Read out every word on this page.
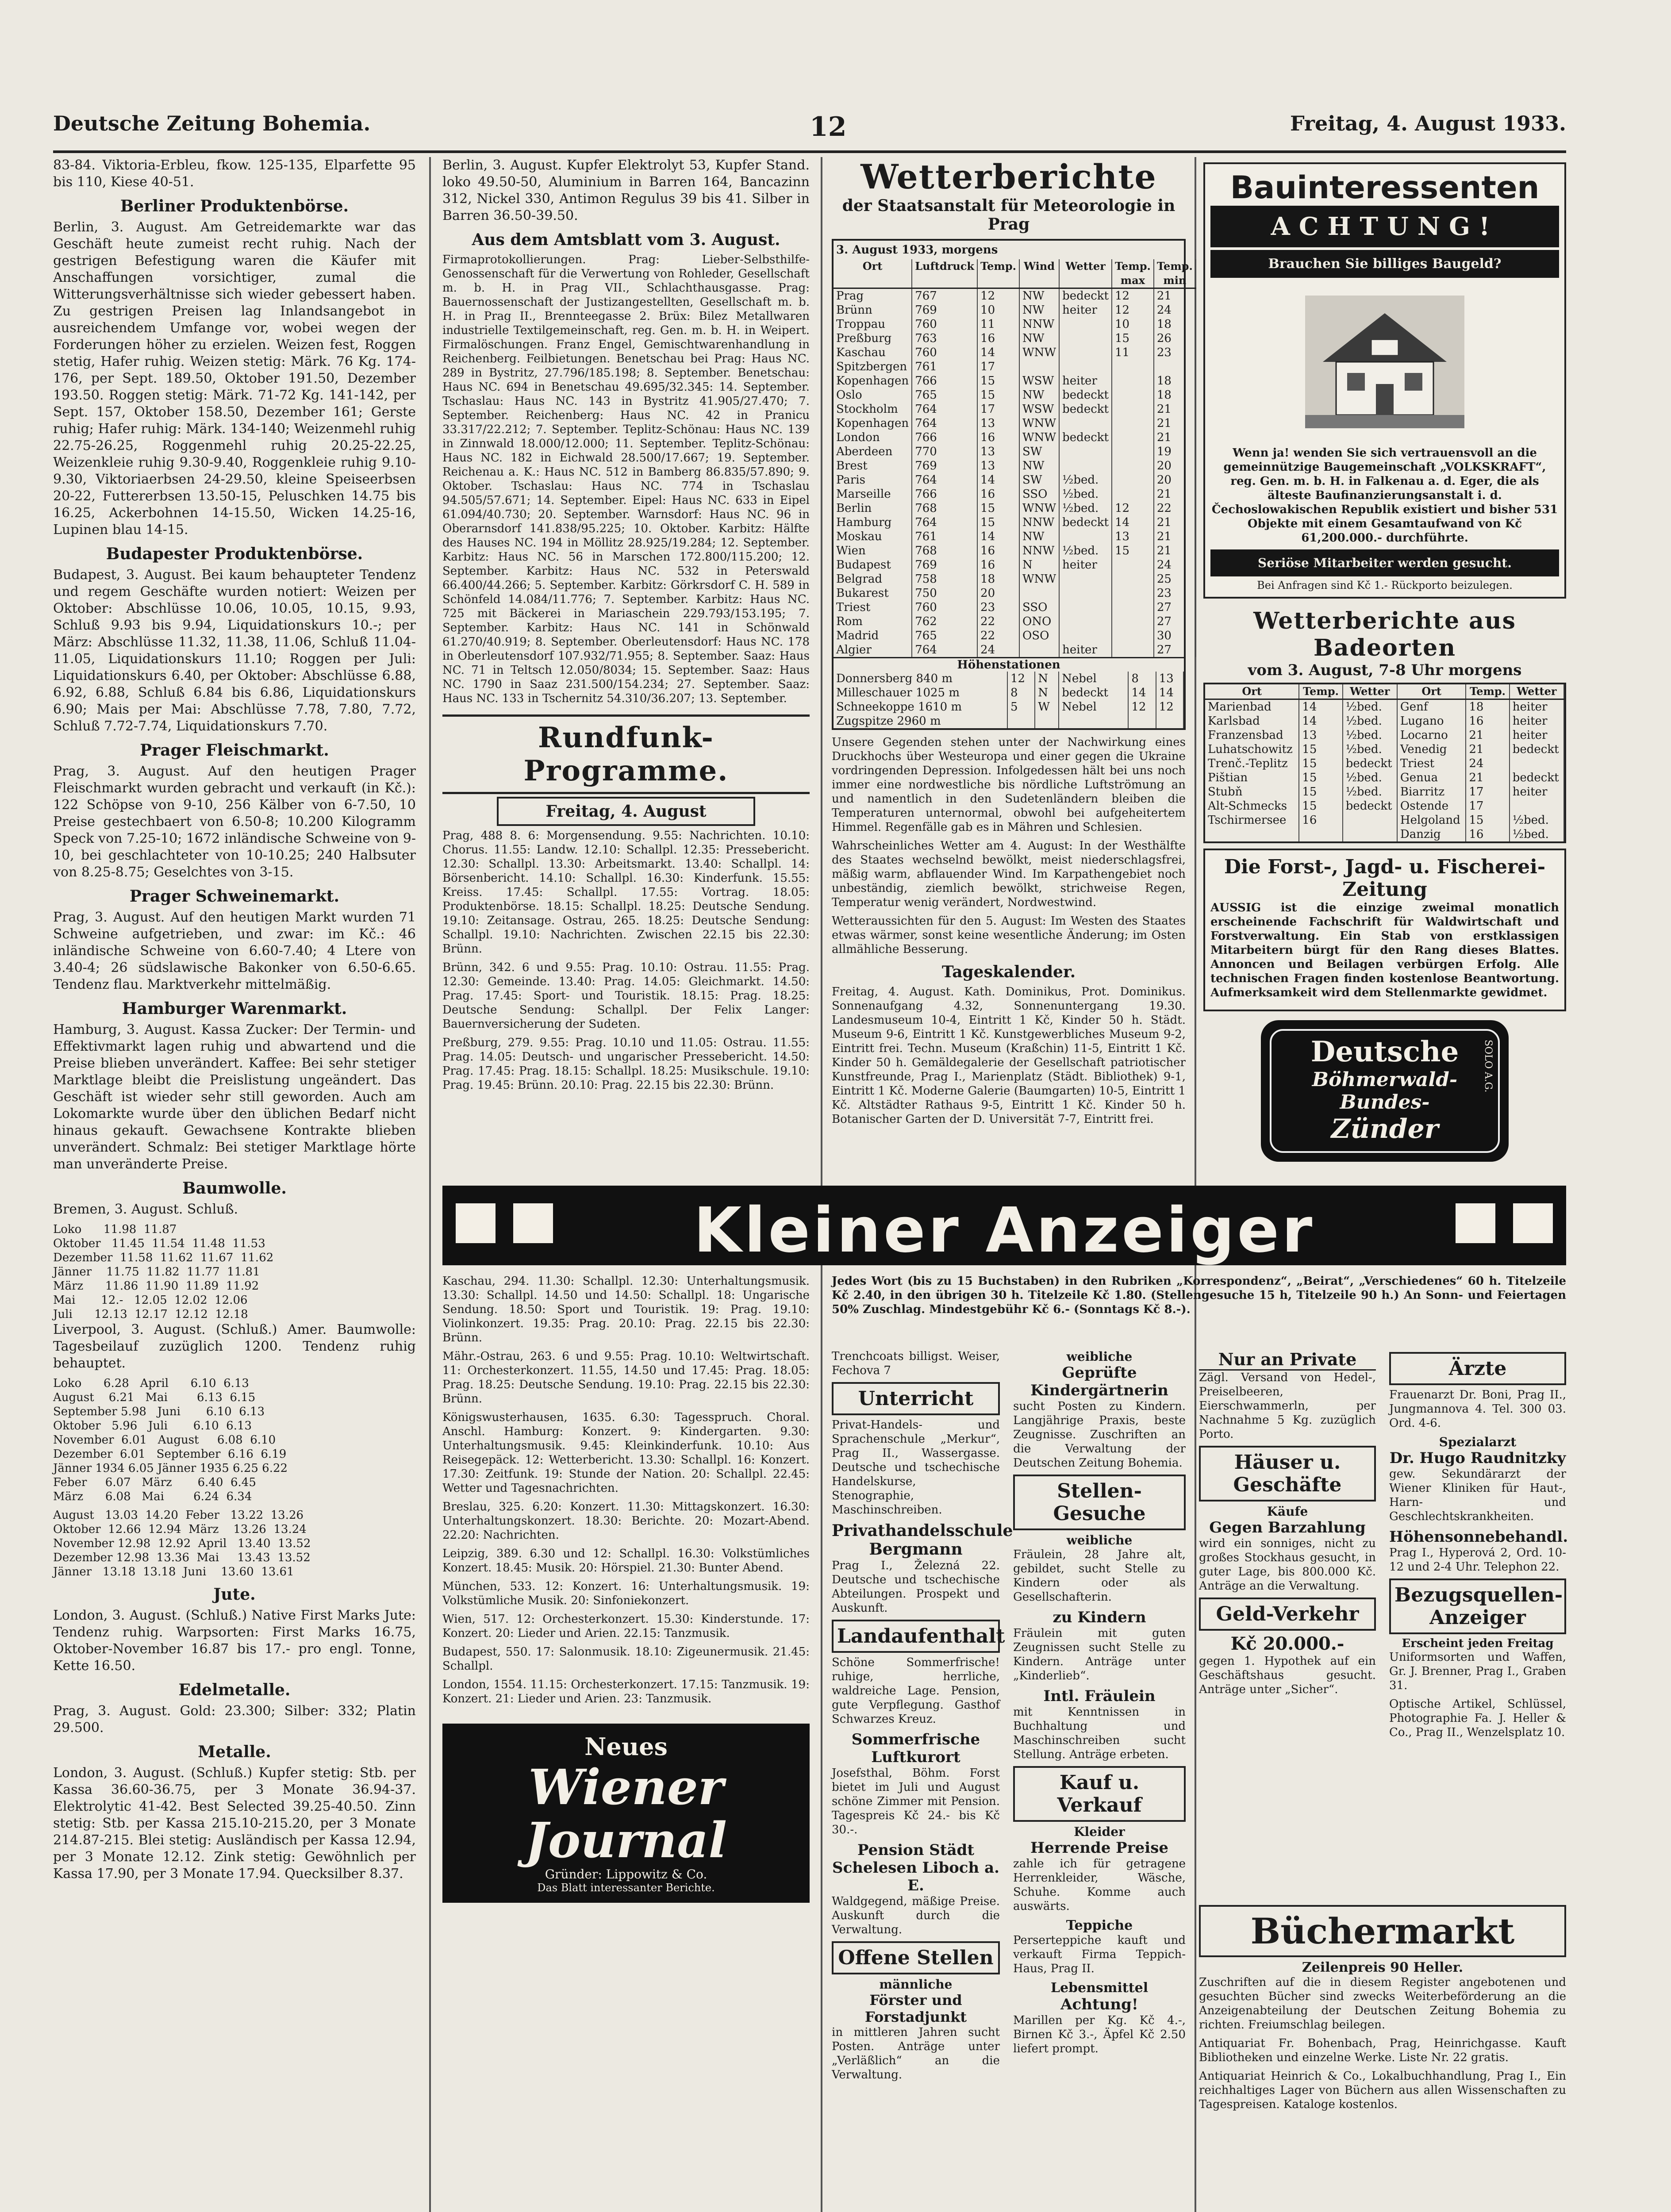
Deutsche Zeitung Bohemia.	12	Freitag, 4. August 1933.

83-84. Viktoria-Erbleu, fkow. 125-135, Elparfette 95 bis 110, Kiese 40-51.

Berliner Produktenbörse.

Berlin, 3. August. Am Getreidemarkte war das Geschäft heute zumeist recht ruhig. Nach der gestrigen Befestigung waren die Käufer mit Anschaffungen vorsichtiger, zumal die Witterungsverhältnisse sich wieder gebessert haben. Zu gestrigen Preisen lag Inlandsangebot in ausreichendem Umfange vor, wobei wegen der Forderungen höher zu erzielen. Weizen fest, Roggen stetig, Hafer ruhig. Weizen stetig: Märk. 76 Kg. 174-176, per Sept. 189.50, Oktober 191.50, Dezember 193.50. Roggen stetig: Märk. 71-72 Kg. 141-142, per Sept. 157, Oktober 158.50, Dezember 161; Gerste ruhig; Hafer ruhig: Märk. 134-140; Weizenmehl ruhig 22.75-26.25, Roggenmehl ruhig 20.25-22.25, Weizenkleie ruhig 9.30-9.40, Roggenkleie ruhig 9.10-9.30, Viktoriaerbsen 24-29.50, kleine Speiseerbsen 20-22, Futtererbsen 13.50-15, Peluschken 14.75 bis 16.25, Ackerbohnen 14-15.50, Wicken 14.25-16, Lupinen blau 14-15.

Budapester Produktenbörse.

Budapest, 3. August. Bei kaum behaupteter Tendenz und regem Geschäfte wurden notiert: Weizen per Oktober: Abschlüsse 10.06, 10.05, 10.15, 9.93, Schluß 9.93 bis 9.94, Liquidationskurs 10.-; per März: Abschlüsse 11.32, 11.38, 11.06, Schluß 11.04-11.05, Liquidationskurs 11.10; Roggen per Juli: Liquidationskurs 6.40, per Oktober: Abschlüsse 6.88, 6.92, 6.88, Schluß 6.84 bis 6.86, Liquidationskurs 6.90; Mais per Mai: Abschlüsse 7.78, 7.80, 7.72, Schluß 7.72-7.74, Liquidationskurs 7.70.

Prager Fleischmarkt.

Prag, 3. August. Auf den heutigen Prager Fleischmarkt wurden gebracht und verkauft (in Kč.): 122 Schöpse von 9-10, 256 Kälber von 6-7.50, 10 Preise gestechbaert von 6.50-8; 10.200 Kilogramm Speck von 7.25-10; 1672 inländische Schweine von 9-10, bei geschlachteter von 10-10.25; 240 Halbsuter von 8.25-8.75; Geselchtes von 3-15.

Prager Schweinemarkt.

Prag, 3. August. Auf den heutigen Markt wurden 71 Schweine aufgetrieben, und zwar: im Kč.: 46 inländische Schweine von 6.60-7.40; 4 Ltere von 3.40-4; 26 südslawische Bakonker von 6.50-6.65. Tendenz flau. Marktverkehr mittelmäßig.

Hamburger Warenmarkt.

Hamburg, 3. August. Kassa Zucker: Der Termin- und Effektivmarkt lagen ruhig und abwartend und die Preise blieben unverändert. Kaffee: Bei sehr stetiger Marktlage bleibt die Preislistung ungeändert. Das Geschäft ist wieder sehr still geworden. Auch am Lokomarkte wurde über den üblichen Bedarf nicht hinaus gekauft. Gewachsene Kontrakte blieben unverändert. Schmalz: Bei stetiger Marktlage hörte man unveränderte Preise.

Baumwolle.

Bremen, 3. August. Schluß.

Loko      11.98  11.87
Oktober   11.45  11.54  11.48  11.53
Dezember  11.58  11.62  11.67  11.62
Jänner    11.75  11.82  11.77  11.81
März      11.86  11.90  11.89  11.92
Mai       12.-   12.05  12.02  12.06
Juli      12.13  12.17  12.12  12.18

Liverpool, 3. August. (Schluß.) Amer. Baumwolle: Tagesbeilauf zuzüglich 1200. Tendenz ruhig behauptet.

Loko      6.28   April      6.10  6.13
August    6.21   Mai        6.13  6.15
September 5.98   Juni       6.10  6.13
Oktober   5.96   Juli       6.10  6.13
November  6.01   August     6.08  6.10
Dezember  6.01   September  6.16  6.19
Jänner 1934 6.05 Jänner 1935 6.25 6.22
Feber     6.07   März       6.40  6.45
März      6.08   Mai        6.24  6.34
August   13.03  14.20  Feber   13.22  13.26
Oktober  12.66  12.94  März    13.26  13.24
November 12.98  12.92  April   13.40  13.52
Dezember 12.98  13.36  Mai     13.43  13.52
Jänner   13.18  13.18  Juni    13.60  13.61
Jute.

London, 3. August. (Schluß.) Native First Marks Jute: Tendenz ruhig. Warpsorten: First Marks 16.75, Oktober-November 16.87 bis 17.- pro engl. Tonne, Kette 16.50.

Edelmetalle.

Prag, 3. August. Gold: 23.300; Silber: 332; Platin 29.500.

Metalle.

London, 3. August. (Schluß.) Kupfer stetig: Stb. per Kassa 36.60-36.75, per 3 Monate 36.94-37. Elektrolytic 41-42. Best Selected 39.25-40.50. Zinn stetig: Stb. per Kassa 215.10-215.20, per 3 Monate 214.87-215. Blei stetig: Ausländisch per Kassa 12.94, per 3 Monate 12.12. Zink stetig: Gewöhnlich per Kassa 17.90, per 3 Monate 17.94. Quecksilber 8.37.

Berlin, 3. August. Kupfer Elektrolyt 53, Kupfer Stand. loko 49.50-50, Aluminium in Barren 164, Bancazinn 312, Nickel 330, Antimon Regulus 39 bis 41. Silber in Barren 36.50-39.50.

Aus dem Amtsblatt vom 3. August.

Firmaprotokollierungen. Prag: Lieber-Selbsthilfe-Genossenschaft für die Verwertung von Rohleder, Gesellschaft m. b. H. in Prag VII., Schlachthausgasse. Prag: Bauernossenschaft der Justizangestellten, Gesellschaft m. b. H. in Prag II., Brennteegasse 2. Brüx: Bilez Metallwaren industrielle Textilgemeinschaft, reg. Gen. m. b. H. in Weipert. Firmalöschungen. Franz Engel, Gemischtwarenhandlung in Reichenberg. Feilbietungen. Benetschau bei Prag: Haus NC. 289 in Bystritz, 27.796/185.198; 8. September. Benetschau: Haus NC. 694 in Benetschau 49.695/32.345: 14. September. Tschaslau: Haus NC. 143 in Bystritz 41.905/27.470; 7. September. Reichenberg: Haus NC. 42 in Pranicu 33.317/22.212; 7. September. Teplitz-Schönau: Haus NC. 139 in Zinnwald 18.000/12.000; 11. September. Teplitz-Schönau: Haus NC. 182 in Eichwald 28.500/17.667; 19. September. Reichenau a. K.: Haus NC. 512 in Bamberg 86.835/57.890; 9. Oktober. Tschaslau: Haus NC. 774 in Tschaslau 94.505/57.671; 14. September. Eipel: Haus NC. 633 in Eipel 61.094/40.730; 20. September. Warnsdorf: Haus NC. 96 in Oberarnsdorf 141.838/95.225; 10. Oktober. Karbitz: Hälfte des Hauses NC. 194 in Möllitz 28.925/19.284; 12. September. Karbitz: Haus NC. 56 in Marschen 172.800/115.200; 12. September. Karbitz: Haus NC. 532 in Peterswald 66.400/44.266; 5. September. Karbitz: Görkrsdorf C. H. 589 in Schönfeld 14.084/11.776; 7. September. Karbitz: Haus NC. 725 mit Bäckerei in Mariaschein 229.793/153.195; 7. September. Karbitz: Haus NC. 141 in Schönwald 61.270/40.919; 8. September. Oberleutensdorf: Haus NC. 178 in Oberleutensdorf 107.932/71.955; 8. September. Saaz: Haus NC. 71 in Teltsch 12.050/8034; 15. September. Saaz: Haus NC. 1790 in Saaz 231.500/154.234; 27. September. Saaz: Haus NC. 133 in Tschernitz 54.310/36.207; 13. September.

Rundfunk-Programme.
Freitag, 4. August

Prag, 488 8. 6: Morgensendung. 9.55: Nachrichten. 10.10: Chorus. 11.55: Landw. 12.10: Schallpl. 12.35: Pressebericht. 12.30: Schallpl. 13.30: Arbeitsmarkt. 13.40: Schallpl. 14: Börsenbericht. 14.10: Schallpl. 16.30: Kinderfunk. 15.55: Kreiss. 17.45: Schallpl. 17.55: Vortrag. 18.05: Produktenbörse. 18.15: Schallpl. 18.25: Deutsche Sendung. 19.10: Zeitansage. Ostrau, 265. 18.25: Deutsche Sendung: Schallpl. 19.10: Nachrichten. Zwischen 22.15 bis 22.30: Brünn.

Brünn, 342. 6 und 9.55: Prag. 10.10: Ostrau. 11.55: Prag. 12.30: Gemeinde. 13.40: Prag. 14.05: Gleichmarkt. 14.50: Prag. 17.45: Sport- und Touristik. 18.15: Prag. 18.25: Deutsche Sendung: Schallpl. Der Felix Langer: Bauernversicherung der Sudeten.

Preßburg, 279. 9.55: Prag. 10.10 und 11.05: Ostrau. 11.55: Prag. 14.05: Deutsch- und ungarischer Pressebericht. 14.50: Prag. 17.45: Prag. 18.15: Schallpl. 18.25: Musikschule. 19.10: Prag. 19.45: Brünn. 20.10: Prag. 22.15 bis 22.30: Brünn.

Wetterberichte
der Staatsanstalt für Meteorologie in Prag
3. August 1933, morgens
Ort	Luftdruck	Temp.	Wind	Wetter	Temp. max	Temp. min
Prag	767	12	NW	bedeckt	12	21
Brünn	769	10	NW	heiter	12	24
Troppau	760	11	NNW		10	18
Preßburg	763	16	NW		15	26
Kaschau	760	14	WNW		11	23
Spitzbergen	761	17				
Kopenhagen	766	15	WSW	heiter		18
Oslo	765	15	NW	bedeckt		18
Stockholm	764	17	WSW	bedeckt		21
Kopenhagen	764	13	WNW			21
London	766	16	WNW	bedeckt		21
Aberdeen	770	13	SW			19
Brest	769	13	NW			20
Paris	764	14	SW	½bed.		20
Marseille	766	16	SSO	½bed.		21
Berlin	768	15	WNW	½bed.	12	22
Hamburg	764	15	NNW	bedeckt	14	21
Moskau	761	14	NW		13	21
Wien	768	16	NNW	½bed.	15	21
Budapest	769	16	N	heiter		24
Belgrad	758	18	WNW			25
Bukarest	750	20				23
Triest	760	23	SSO			27
Rom	762	22	ONO			27
Madrid	765	22	OSO			30
Algier	764	24		heiter		27
Höhenstationen
Donnersberg 840 m	12	N	Nebel	8	13
Milleschauer 1025 m	8	N	bedeckt	14	14
Schneekoppe 1610 m	5	W	Nebel	12	12
Zugspitze 2960 m					

Unsere Gegenden stehen unter der Nachwirkung eines Druckhochs über Westeuropa und einer gegen die Ukraine vordringenden Depression. Infolgedessen hält bei uns noch immer eine nordwestliche bis nördliche Luftströmung an und namentlich in den Sudetenländern bleiben die Temperaturen unternormal, obwohl bei aufgeheitertem Himmel. Regenfälle gab es in Mähren und Schlesien.

Wahrscheinliches Wetter am 4. August: In der Westhälfte des Staates wechselnd bewölkt, meist niederschlagsfrei, mäßig warm, abflauender Wind. Im Karpathengebiet noch unbeständig, ziemlich bewölkt, strichweise Regen, Temperatur wenig verändert, Nordwestwind.

Wetteraussichten für den 5. August: Im Westen des Staates etwas wärmer, sonst keine wesentliche Änderung; im Osten allmähliche Besserung.

Tageskalender.

Freitag, 4. August. Kath. Dominikus, Prot. Dominikus. Sonnenaufgang 4.32, Sonnenuntergang 19.30. Landesmuseum 10-4, Eintritt 1 Kč, Kinder 50 h. Städt. Museum 9-6, Eintritt 1 Kč. Kunstgewerbliches Museum 9-2, Eintritt frei. Techn. Museum (Kraßchin) 11-5, Eintritt 1 Kč. Kinder 50 h. Gemäldegalerie der Gesellschaft patriotischer Kunstfreunde, Prag I., Marienplatz (Städt. Bibliothek) 9-1, Eintritt 1 Kč. Moderne Galerie (Baumgarten) 10-5, Eintritt 1 Kč. Altstädter Rathaus 9-5, Eintritt 1 Kč. Kinder 50 h. Botanischer Garten der D. Universität 7-7, Eintritt frei.

Bauinteressenten
ACHTUNG!
Brauchen Sie billiges Baugeld?

Wenn ja! wenden Sie sich vertrauensvoll an die gemeinnützige Baugemeinschaft „VOLKSKRAFT“, reg. Gen. m. b. H. in Falkenau a. d. Eger, die als älteste Baufinanzierungsanstalt i. d. Čechoslowakischen Republik existiert und bisher 531 Objekte mit einem Gesamtaufwand von Kč 61,200.000.- durchführte.

Seriöse Mitarbeiter werden gesucht.
Bei Anfragen sind Kč 1.- Rückporto beizulegen.
Wetterberichte aus Badeorten
vom 3. August, 7-8 Uhr morgens
Ort	Temp.	Wetter	Ort	Temp.	Wetter
Marienbad	14	½bed.	Genf	18	heiter
Karlsbad	14	½bed.	Lugano	16	heiter
Franzensbad	13	½bed.	Locarno	21	heiter
Luhatschowitz	15	½bed.	Venedig	21	bedeckt
Trenč.-Teplitz	15	bedeckt	Triest	24	
Pištian	15	½bed.	Genua	21	bedeckt
Stubň	15	½bed.	Biarritz	17	heiter
Alt-Schmecks	15	bedeckt	Ostende	17	
Tschirmersee	16		Helgoland	15	½bed.
			Danzig	16	½bed.
Die Forst-, Jagd- u. Fischerei-Zeitung

AUSSIG ist die einzige zweimal monatlich erscheinende Fachschrift für Waldwirtschaft und Forstverwaltung. Ein Stab von erstklassigen Mitarbeitern bürgt für den Rang dieses Blattes. Annoncen und Beilagen verbürgen Erfolg. Alle technischen Fragen finden kostenlose Beantwortung. Aufmerksamkeit wird dem Stellenmarkte gewidmet.

Deutsche
Böhmerwald-Bundes-
Zünder
SOLO A.G.
Kleiner Anzeiger

Kaschau, 294. 11.30: Schallpl. 12.30: Unterhaltungsmusik. 13.30: Schallpl. 14.50 und 14.50: Schallpl. 18: Ungarische Sendung. 18.50: Sport und Touristik. 19: Prag. 19.10: Violinkonzert. 19.35: Prag. 20.10: Prag. 22.15 bis 22.30: Brünn.

Mähr.-Ostrau, 263. 6 und 9.55: Prag. 10.10: Weltwirtschaft. 11: Orchesterkonzert. 11.55, 14.50 und 17.45: Prag. 18.05: Prag. 18.25: Deutsche Sendung. 19.10: Prag. 22.15 bis 22.30: Brünn.

Königswusterhausen, 1635. 6.30: Tagesspruch. Choral. Anschl. Hamburg: Konzert. 9: Kindergarten. 9.30: Unterhaltungsmusik. 9.45: Kleinkinderfunk. 10.10: Aus Reisegepäck. 12: Wetterbericht. 13.30: Schallpl. 16: Konzert. 17.30: Zeitfunk. 19: Stunde der Nation. 20: Schallpl. 22.45: Wetter und Tagesnachrichten.

Breslau, 325. 6.20: Konzert. 11.30: Mittagskonzert. 16.30: Unterhaltungskonzert. 18.30: Berichte. 20: Mozart-Abend. 22.20: Nachrichten.

Leipzig, 389. 6.30 und 12: Schallpl. 16.30: Volkstümliches Konzert. 18.45: Musik. 20: Hörspiel. 21.30: Bunter Abend.

München, 533. 12: Konzert. 16: Unterhaltungsmusik. 19: Volkstümliche Musik. 20: Sinfoniekonzert.

Wien, 517. 12: Orchesterkonzert. 15.30: Kinderstunde. 17: Konzert. 20: Lieder und Arien. 22.15: Tanzmusik.

Budapest, 550. 17: Salonmusik. 18.10: Zigeunermusik. 21.45: Schallpl.

London, 1554. 11.15: Orchesterkonzert. 17.15: Tanzmusik. 19: Konzert. 21: Lieder und Arien. 23: Tanzmusik.

Neues
Wiener Journal
Gründer: Lippowitz & Co.
Das Blatt interessanter Berichte.

Jedes Wort (bis zu 15 Buchstaben) in den Rubriken „Korrespondenz“, „Beirat“, „Verschiedenes“ 60 h. Titelzeile Kč 2.40, in den übrigen 30 h. Titelzeile Kč 1.80. (Stellengesuche 15 h, Titelzeile 90 h.) An Sonn- und Feiertagen 50% Zuschlag. Mindestgebühr Kč 6.- (Sonntags Kč 8.-).

Trenchcoats billigst. Weiser, Fechova 7

Unterricht

Privat-Handels- und Sprachenschule „Merkur“, Prag II., Wassergasse. Deutsche und tschechische Handelskurse, Stenographie, Maschinschreiben.

Privathandelsschule Bergmann

Prag I., Železná 22. Deutsche und tschechische Abteilungen. Prospekt und Auskunft.

Landaufenthalt

Schöne Sommerfrische! ruhige, herrliche, waldreiche Lage. Pension, gute Verpflegung. Gasthof Schwarzes Kreuz.

Sommerfrische Luftkurort

Josefsthal, Böhm. Forst bietet im Juli und August schöne Zimmer mit Pension. Tagespreis Kč 24.- bis Kč 30.-.

Pension Städt Schelesen Liboch a. E.

Waldgegend, mäßige Preise. Auskunft durch die Verwaltung.

Offene Stellen
männliche
Förster und Forstadjunkt

in mittleren Jahren sucht Posten. Anträge unter „Verläßlich“ an die Verwaltung.

weibliche
Geprüfte Kindergärtnerin

sucht Posten zu Kindern. Langjährige Praxis, beste Zeugnisse. Zuschriften an die Verwaltung der Deutschen Zeitung Bohemia.

Stellen-Gesuche
weibliche

Fräulein, 28 Jahre alt, gebildet, sucht Stelle zu Kindern oder als Gesellschafterin.

zu Kindern

Fräulein mit guten Zeugnissen sucht Stelle zu Kindern. Anträge unter „Kinderlieb“.

Intl. Fräulein

mit Kenntnissen in Buchhaltung und Maschinschreiben sucht Stellung. Anträge erbeten.

Kauf u. Verkauf
Kleider
Herrende Preise

zahle ich für getragene Herrenkleider, Wäsche, Schuhe. Komme auch auswärts.

Teppiche

Perserteppiche kauft und verkauft Firma Teppich-Haus, Prag II.

Lebensmittel
Achtung!

Marillen per Kg. Kč 4.-, Birnen Kč 3.-, Äpfel Kč 2.50 liefert prompt.

Nur an Private

Zägl. Versand von Hedel-, Preiselbeeren, Eierschwammerln, per Nachnahme 5 Kg. zuzüglich Porto.

Häuser u. Geschäfte
Käufe
Gegen Barzahlung

wird ein sonniges, nicht zu großes Stockhaus gesucht, in guter Lage, bis 800.000 Kč. Anträge an die Verwaltung.

Geld-Verkehr
Kč 20.000.-

gegen 1. Hypothek auf ein Geschäftshaus gesucht. Anträge unter „Sicher“.

Ärzte

Frauenarzt Dr. Boni, Prag II., Jungmannova 4. Tel. 300 03. Ord. 4-6.

Spezialarzt
Dr. Hugo Raudnitzky

gew. Sekundärarzt der Wiener Kliniken für Haut-, Harn- und Geschlechtskrankheiten.

Höhensonnebehandl.

Prag I., Hyperová 2, Ord. 10-12 und 2-4 Uhr. Telephon 22.

Bezugsquellen-Anzeiger
Erscheint jeden Freitag

Uniformsorten und Waffen, Gr. J. Brenner, Prag I., Graben 31.

Optische Artikel, Schlüssel, Photographie Fa. J. Heller & Co., Prag II., Wenzelsplatz 10.

Büchermarkt
Zeilenpreis 90 Heller.

Zuschriften auf die in diesem Register angebotenen und gesuchten Bücher sind zwecks Weiterbeförderung an die Anzeigenabteilung der Deutschen Zeitung Bohemia zu richten. Freiumschlag beilegen.

Antiquariat Fr. Bohenbach, Prag, Heinrichgasse. Kauft Bibliotheken und einzelne Werke. Liste Nr. 22 gratis.

Antiquariat Heinrich & Co., Lokalbuchhandlung, Prag I., Ein reichhaltiges Lager von Büchern aus allen Wissenschaften zu Tagespreisen. Kataloge kostenlos.
